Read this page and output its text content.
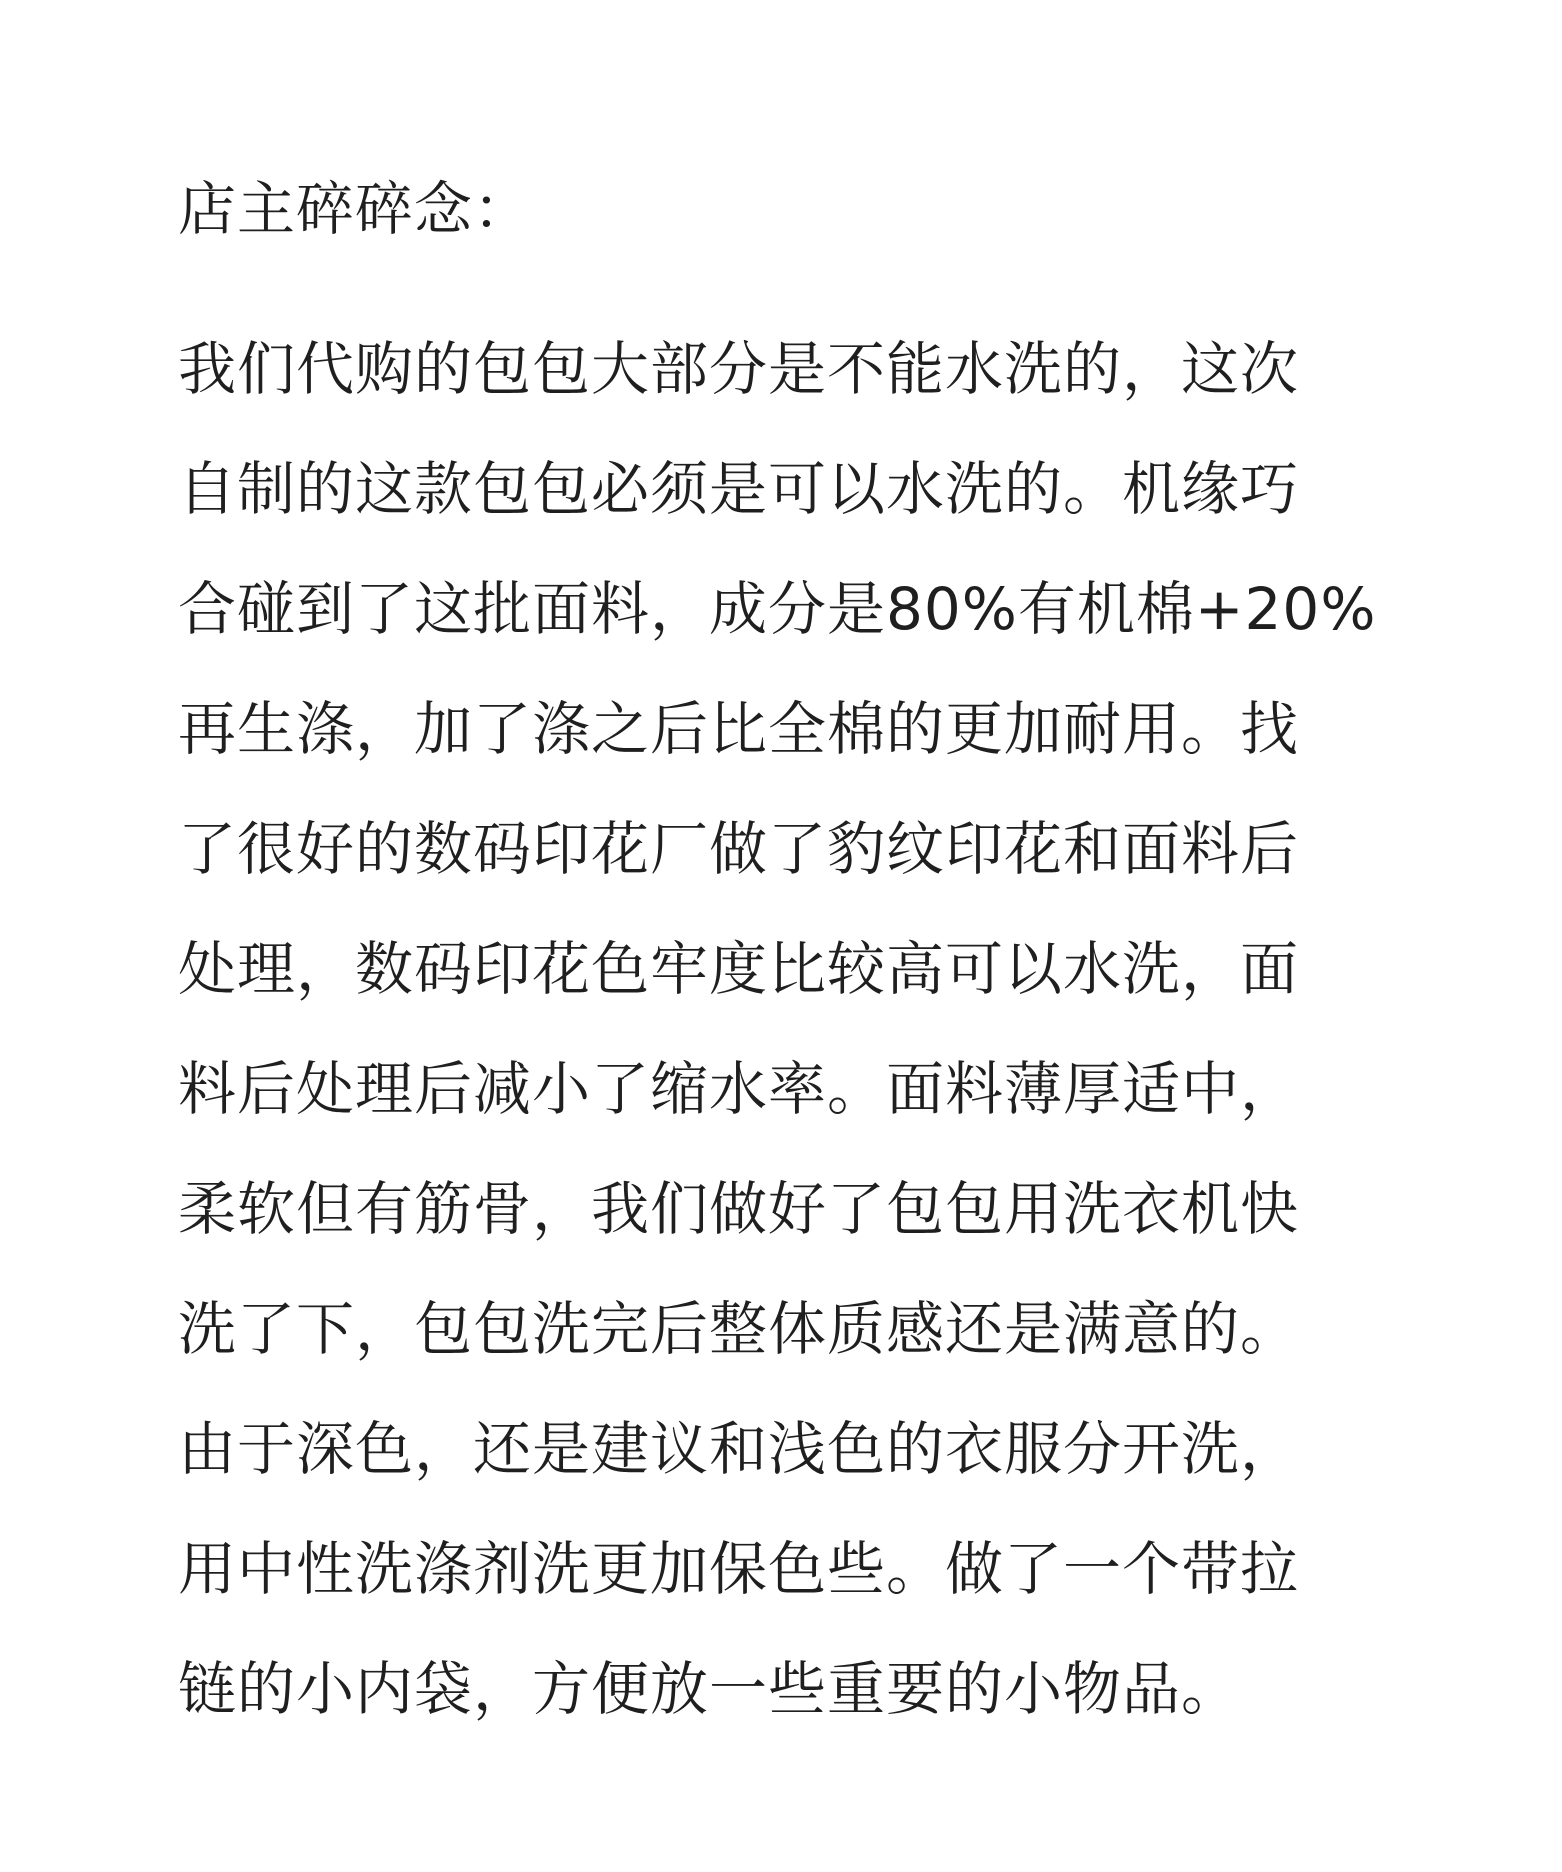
店主碎碎念：
我们代购的包包大部分是不能水洗的，这次
自制的这款包包必须是可以水洗的。机缘巧
合碰到了这批面料，成分是80%有机棉+20%
再生涤，加了涤之后比全棉的更加耐用。找
了很好的数码印花厂做了豹纹印花和面料后
处理，数码印花色牢度比较高可以水洗，面
料后处理后减小了缩水率。面料薄厚适中，
柔软但有筋骨，我们做好了包包用洗衣机快
洗了下，包包洗完后整体质感还是满意的。
由于深色，还是建议和浅色的衣服分开洗，
用中性洗涤剂洗更加保色些。做了一个带拉
链的小内袋，方便放一些重要的小物品。
